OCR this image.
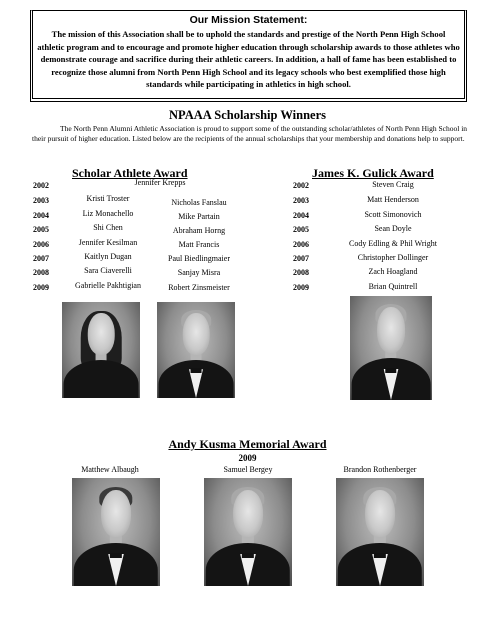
Our Mission Statement:
The mission of this Association shall be to uphold the standards and prestige of the North Penn High School athletic program and to encourage and promote higher education through scholarship awards to those athletes who demonstrate courage and sacrifice during their athletic careers. In addition, a hall of fame has been established to recognize those alumni from North Penn High School and its legacy schools who best exemplified those high standards while participating in athletics in high school.
NPAAA Scholarship Winners
The North Penn Alumni Athletic Association is proud to support some of the outstanding scholar/athletes of North Penn High School in their pursuit of higher education. Listed below are the recipients of the annual scholarships that your membership and donations help to support.
Scholar Athlete Award
2002	Jennifer Krepps
2003	Kristi Troster	Nicholas Fanslau
2004	Liz Monachello	Mike Partain
2005	Shi Chen	Abraham Horng
2006	Jennifer Kesilman	Matt Francis
2007	Kaitlyn Dugan	Paul Biedlingmaier
2008	Sara Ciaverelli	Sanjay Misra
2009	Gabrielle Pakhtigian	Robert Zinsmeister
James K. Gulick Award
2002	Steven Craig
2003	Matt Henderson
2004	Scott Simonovich
2005	Sean Doyle
2006	Cody Edling & Phil Wright
2007	Christopher Dollinger
2008	Zach Hoagland
2009	Brian Quintrell
Andy Kusma Memorial Award
2009
Matthew Albaugh	Samuel Bergey	Brandon Rothenberger
